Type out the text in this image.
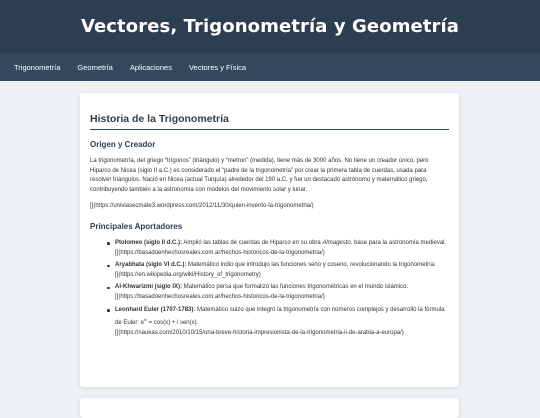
Vectores, Trigonometría y Geometría
Trigonometría Geometría Aplicaciones Vectores y Física
Historia de la Trigonometría
Origen y Creador

La trigonometría, del griego “trígonos” (triángulo) y “metron” (medida), tiene más de 3000 años. No tiene un creador único, pero Hiparco de Nicea (siglo II a.C.) es considerado el “padre de la trigonometría” por crear la primera tabla de cuerdas, usada para resolver triángulos. Nació en Nicea (actual Turquía) alrededor del 190 a.C. y fue un destacado astrónomo y matemático griego, contribuyendo también a la astronomía con modelos del movimiento solar y lunar.

[](https://univiasecmate3.wordpress.com/2012/11/30/quien-invento-la-trigonometria/)

Principales Aportadores
Ptolomeo (siglo II d.C.): Amplió las tablas de cuerdas de Hiparco en su obra Almagesto, base para la astronomía medieval.
[](https://basadoenhechosreales.com.ar/hechos-historicos-de-la-trigonometria/)
Aryabhata (siglo VI d.C.): Matemático indio que introdujo las funciones seno y coseno, revolucionando la trigonometría.
[](https://en.wikipedia.org/wiki/History_of_trigonometry)
Al-Khwarizmi (siglo IX): Matemático persa que formalizó las funciones trigonométricas en el mundo islámico.
[](https://basadoenhechosreales.com.ar/hechos-historicos-de-la-trigonometria/)
Leonhard Euler (1707-1783): Matemático suizo que integró la trigonometría con números complejos y desarrolló la fórmula de Euler: $e^{ix} = \cos(x) + i$ sen(x).
[](https://naukas.com/2010/10/15/una-breve-historia-impresionista-de-la-trigonometria-ii-de-arabia-a-europa/)
